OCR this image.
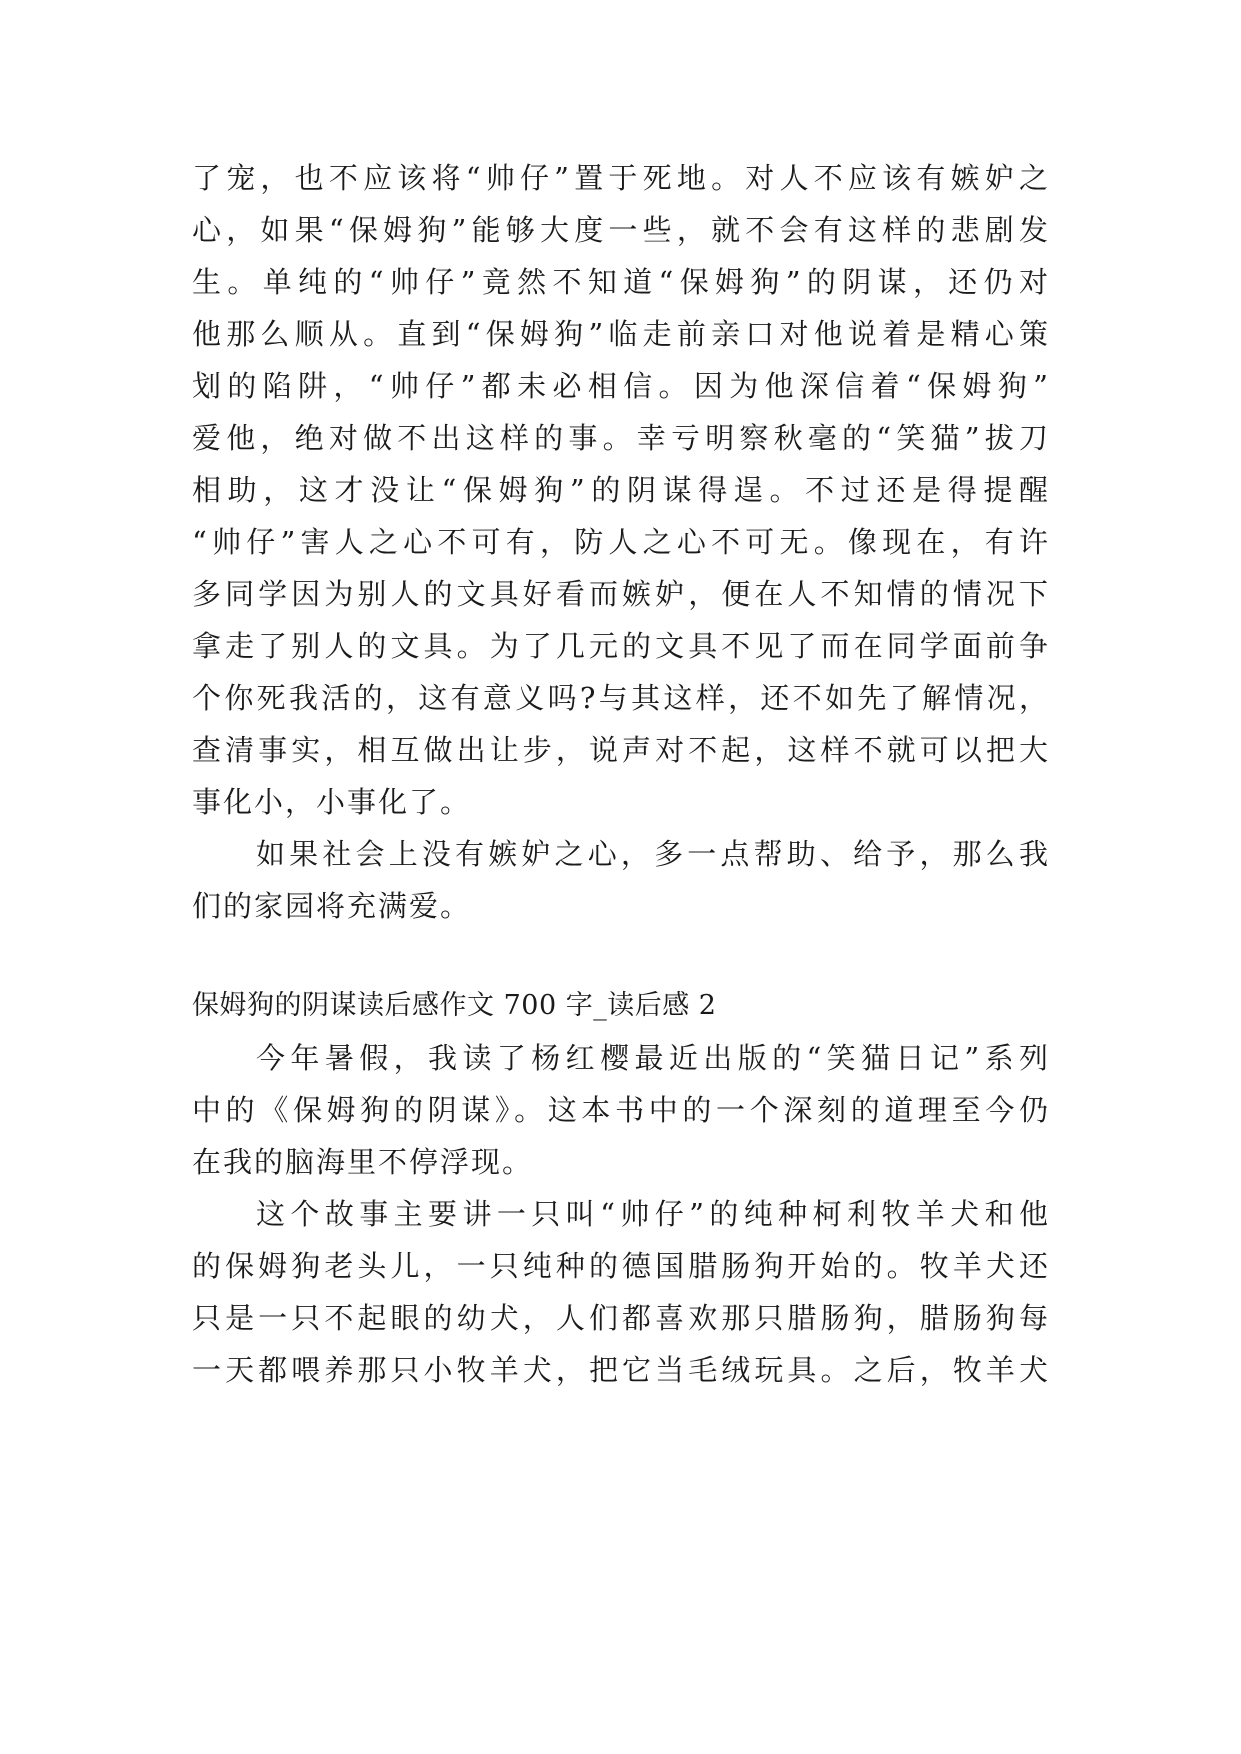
了宠，也不应该将“帅仔”置于死地。对人不应该有嫉妒之
心，如果“保姆狗”能够大度一些，就不会有这样的悲剧发
生。单纯的“帅仔”竟然不知道“保姆狗”的阴谋，还仍对
他那么顺从。直到“保姆狗”临走前亲口对他说着是精心策
划的陷阱，“帅仔”都未必相信。因为他深信着“保姆狗”
爱他，绝对做不出这样的事。幸亏明察秋毫的“笑猫”拔刀
相助，这才没让“保姆狗”的阴谋得逞。不过还是得提醒
“帅仔”害人之心不可有，防人之心不可无。像现在，有许
多同学因为别人的文具好看而嫉妒，便在人不知情的情况下
拿走了别人的文具。为了几元的文具不见了而在同学面前争
个你死我活的，这有意义吗?与其这样，还不如先了解情况，
查清事实，相互做出让步，说声对不起，这样不就可以把大
事化小，小事化了。
如果社会上没有嫉妒之心，多一点帮助、给予，那么我
们的家园将充满爱。
保姆狗的阴谋读后感作文 700 字_读后感 2
今年暑假，我读了杨红樱最近出版的“笑猫日记”系列
中的《保姆狗的阴谋》。这本书中的一个深刻的道理至今仍
在我的脑海里不停浮现。
这个故事主要讲一只叫“帅仔”的纯种柯利牧羊犬和他
的保姆狗老头儿，一只纯种的德国腊肠狗开始的。牧羊犬还
只是一只不起眼的幼犬，人们都喜欢那只腊肠狗，腊肠狗每
一天都喂养那只小牧羊犬，把它当毛绒玩具。之后，牧羊犬
